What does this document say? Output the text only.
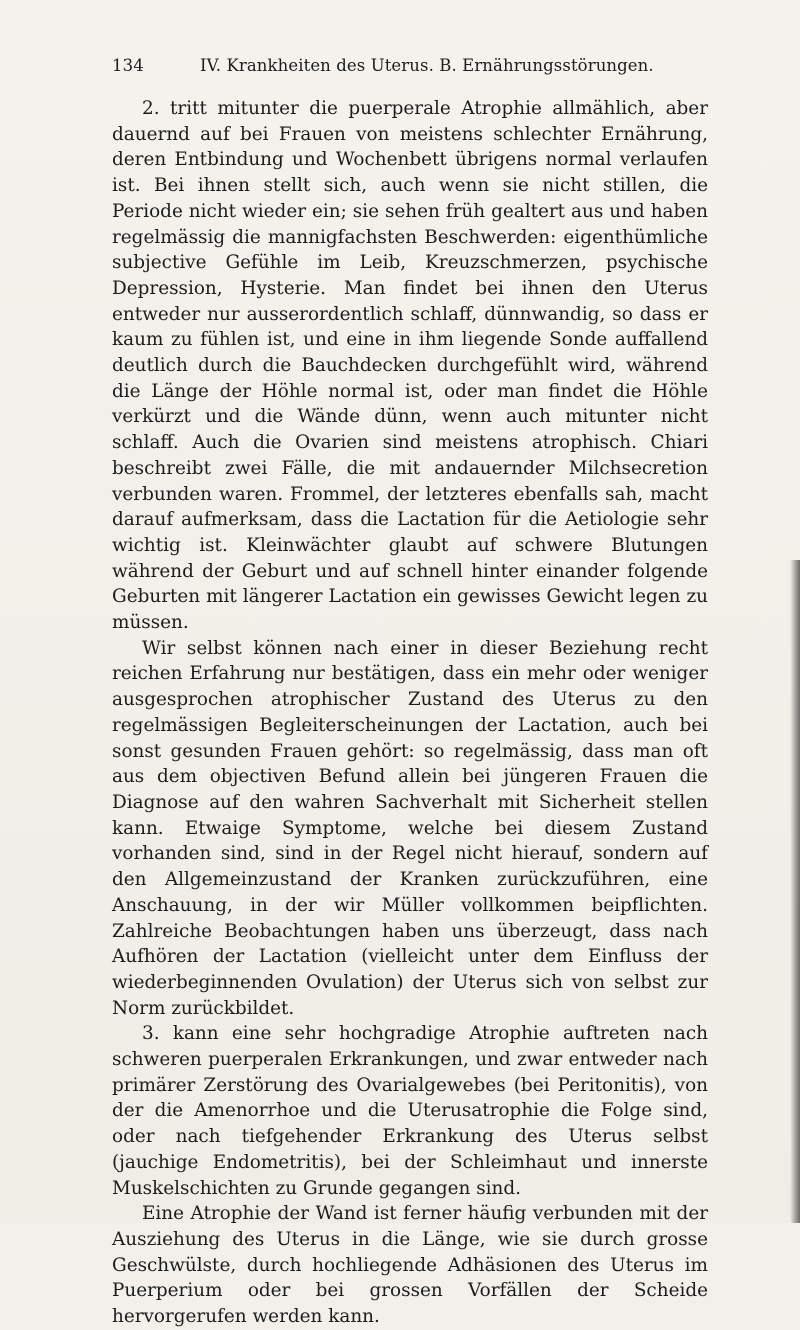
134	IV. Krankheiten des Uterus. B. Ernährungsstörungen.

2. tritt mitunter die puerperale Atrophie allmählich, aber dauernd auf bei Frauen von meistens schlechter Ernährung, deren Entbindung und Wochenbett übrigens normal verlaufen ist. Bei ihnen stellt sich, auch wenn sie nicht stillen, die Periode nicht wieder ein; sie sehen früh gealtert aus und haben regelmässig die mannigfachsten Beschwerden: eigenthümliche subjective Gefühle im Leib, Kreuzschmerzen, psychische Depression, Hysterie. Man findet bei ihnen den Uterus entweder nur ausserordentlich schlaff, dünnwandig, so dass er kaum zu fühlen ist, und eine in ihm liegende Sonde auffallend deutlich durch die Bauchdecken durchgefühlt wird, während die Länge der Höhle normal ist, oder man findet die Höhle verkürzt und die Wände dünn, wenn auch mitunter nicht schlaff. Auch die Ovarien sind meistens atrophisch. Chiari beschreibt zwei Fälle, die mit andauernder Milchsecretion verbunden waren. Frommel, der letzteres ebenfalls sah, macht darauf aufmerksam, dass die Lactation für die Aetiologie sehr wichtig ist. Kleinwächter glaubt auf schwere Blutungen während der Geburt und auf schnell hinter einander folgende Geburten mit längerer Lactation ein gewisses Gewicht legen zu müssen.

Wir selbst können nach einer in dieser Beziehung recht reichen Erfahrung nur bestätigen, dass ein mehr oder weniger ausgesprochen atrophischer Zustand des Uterus zu den regelmässigen Begleiterscheinungen der Lactation, auch bei sonst gesunden Frauen gehört: so regelmässig, dass man oft aus dem objectiven Befund allein bei jüngeren Frauen die Diagnose auf den wahren Sachverhalt mit Sicherheit stellen kann. Etwaige Symptome, welche bei diesem Zustand vorhanden sind, sind in der Regel nicht hierauf, sondern auf den Allgemeinzustand der Kranken zurückzuführen, eine Anschauung, in der wir Müller vollkommen beipflichten. Zahlreiche Beobachtungen haben uns überzeugt, dass nach Aufhören der Lactation (vielleicht unter dem Einfluss der wiederbeginnenden Ovulation) der Uterus sich von selbst zur Norm zurückbildet.

3. kann eine sehr hochgradige Atrophie auftreten nach schweren puerperalen Erkrankungen, und zwar entweder nach primärer Zerstörung des Ovarialgewebes (bei Peritonitis), von der die Amenorrhoe und die Uterusatrophie die Folge sind, oder nach tiefgehender Erkrankung des Uterus selbst (jauchige Endometritis), bei der Schleimhaut und innerste Muskelschichten zu Grunde gegangen sind.

Eine Atrophie der Wand ist ferner häufig verbunden mit der Ausziehung des Uterus in die Länge, wie sie durch grosse Geschwülste, durch hochliegende Adhäsionen des Uterus im Puerperium oder bei grossen Vorfällen der Scheide hervorgerufen werden kann.
